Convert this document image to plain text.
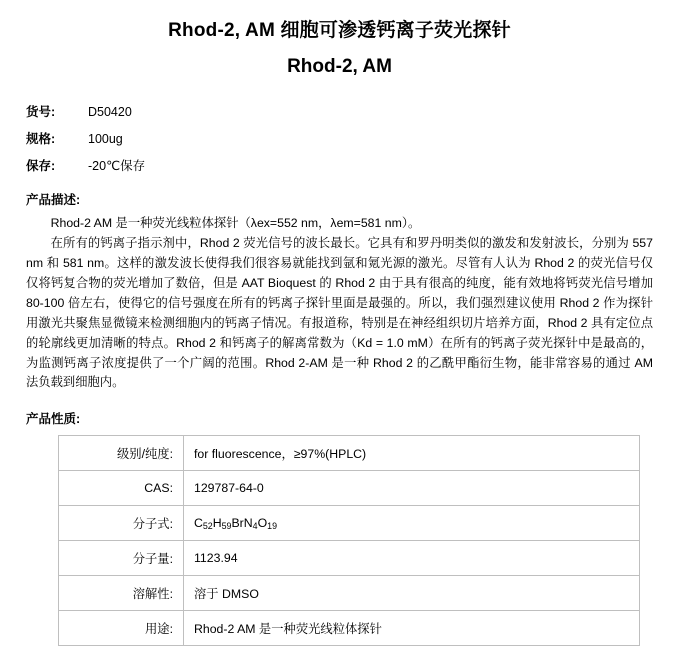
Rhod-2, AM 细胞可渗透钙离子荧光探针
Rhod-2, AM
货号:	D50420
规格:	100ug
保存:	-20℃保存
产品描述:

Rhod-2 AM 是一种荧光线粒体探针（λex=552 nm，λem=581 nm）。

在所有的钙离子指示剂中，Rhod 2 荧光信号的波长最长。它具有和罗丹明类似的激发和发射波长，分别为 557 nm 和 581 nm。这样的激发波长使得我们很容易就能找到氩和氪光源的激光。尽管有人认为 Rhod 2 的荧光信号仅仅将钙复合物的荧光增加了数倍，但是 AAT Bioquest 的 Rhod 2 由于具有很高的纯度，能有效地将钙荧光信号增加 80-100 倍左右，使得它的信号强度在所有的钙离子探针里面是最强的。所以，我们强烈建议使用 Rhod 2 作为探针用激光共聚焦显微镜来检测细胞内的钙离子情况。有报道称，特别是在神经组织切片培养方面，Rhod 2 具有定位点的轮廓线更加清晰的特点。Rhod 2 和钙离子的解离常数为（Kd = 1.0 mM）在所有的钙离子荧光探针中是最高的，为监测钙离子浓度提供了一个广阔的范围。Rhod 2-AM 是一种 Rhod 2 的乙酰甲酯衍生物，能非常容易的通过 AM 法负载到细胞内。

产品性质:
级别/纯度:	for fluorescence，≥97%(HPLC)
CAS:	129787-64-0
分子式:	$C_{52}H_{59}BrN_4O_{19}$
分子量:	1123.94
溶解性:	溶于 DMSO
用途:	Rhod-2 AM 是一种荧光线粒体探针
